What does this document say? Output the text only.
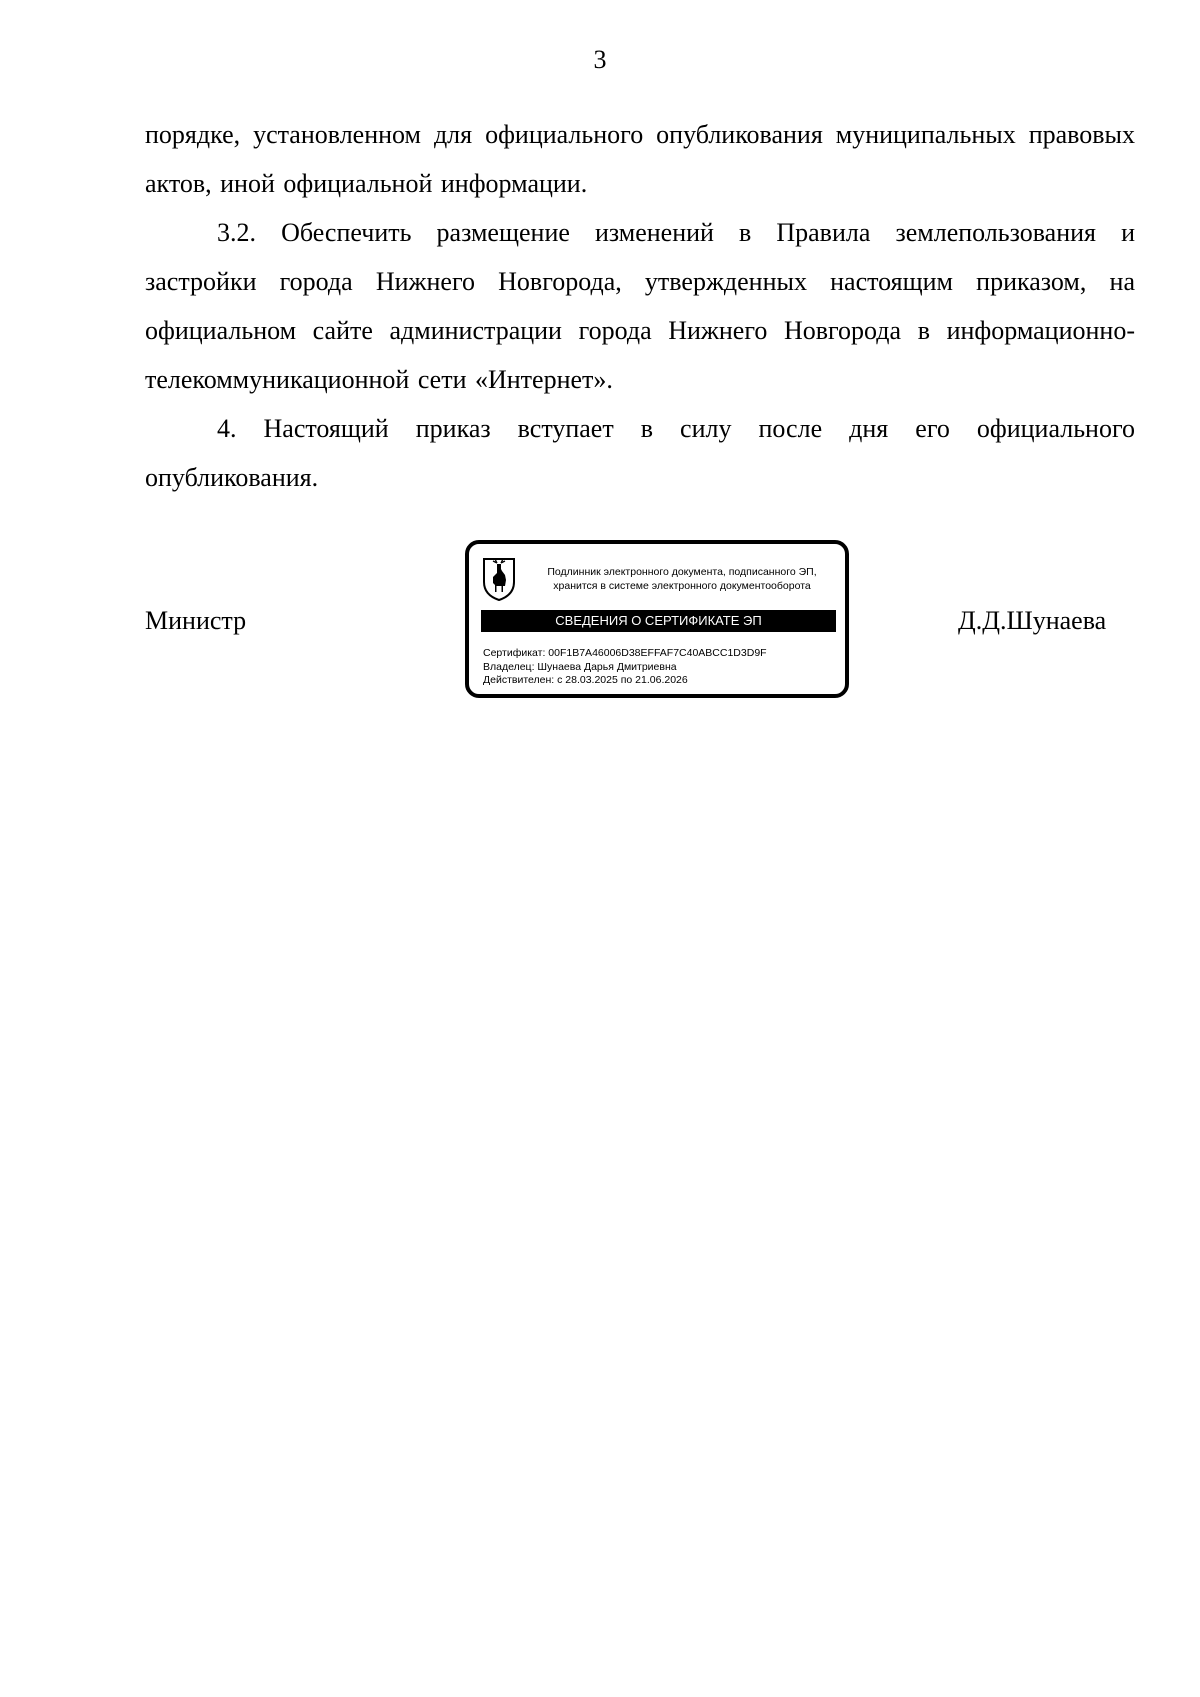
3

порядке, установленном для официального опубликования муниципальных правовых актов, иной официальной информации.

3.2. Обеспечить размещение изменений в Правила землепользования и застройки города Нижнего Новгорода, утвержденных настоящим приказом, на официальном сайте администрации города Нижнего Новгорода в информационно-телекоммуникационной сети «Интернет».

4. Настоящий приказ вступает в силу после дня его официального опубликования.

Министр
Подлинник электронного документа, подписанного ЭП,
хранится в системе электронного документооборота
СВЕДЕНИЯ О СЕРТИФИКАТЕ ЭП
Сертификат: 00F1B7A46006D38EFFAF7C40ABCC1D3D9F
Владелец: Шунаева Дарья Дмитриевна
Действителен: с 28.03.2025 по 21.06.2026
Д.Д.Шунаева
